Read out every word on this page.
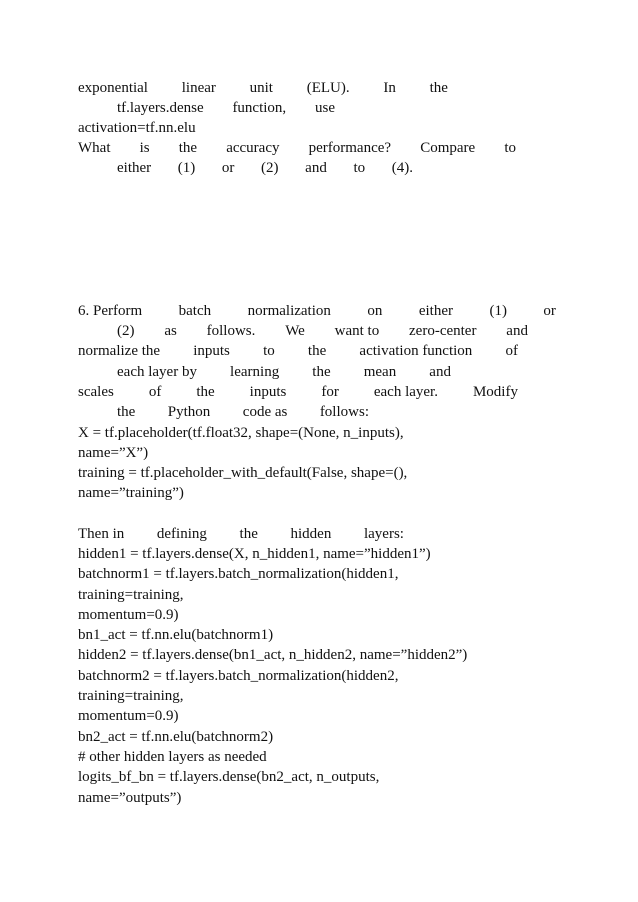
exponential linear unit (ELU). In the
tf.layers.dense function, use
activation=tf.nn.elu
What is the accuracy performance? Compare to
either (1) or (2) and to (4).
6. Perform batch normalization on either (1) or
(2) as follows. We want to zero-center and
normalize the inputs to the activation function of
each layer by learning the mean and
scales of the inputs for each layer. Modify
the Python code as follows:
X = tf.placeholder(tf.float32, shape=(None, n_inputs),
name=”X”)
training = tf.placeholder_with_default(False, shape=(),
name=”training”)
Then in defining the hidden layers:
hidden1 = tf.layers.dense(X, n_hidden1, name=”hidden1”)
batchnorm1 = tf.layers.batch_normalization(hidden1,
training=training,
momentum=0.9)
bn1_act = tf.nn.elu(batchnorm1)
hidden2 = tf.layers.dense(bn1_act, n_hidden2, name=”hidden2”)
batchnorm2 = tf.layers.batch_normalization(hidden2,
training=training,
momentum=0.9)
bn2_act = tf.nn.elu(batchnorm2)
# other hidden layers as needed
logits_bf_bn = tf.layers.dense(bn2_act, n_outputs,
name=”outputs”)
